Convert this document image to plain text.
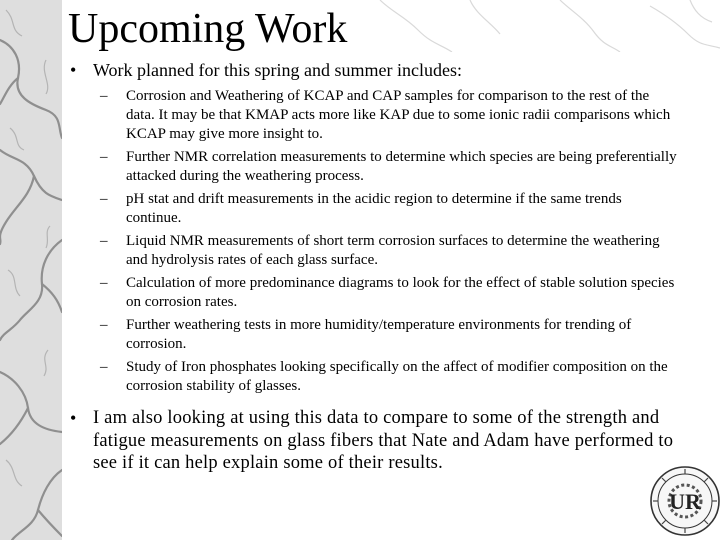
Upcoming Work
• Work planned for this spring and summer includes:
– Corrosion and Weathering of KCAP and CAP samples for comparison to the rest of the data. It may be that KMAP acts more like KAP due to some ionic radii comparisons which KCAP may give more insight to.
– Further NMR correlation measurements to determine which species are being preferentially attacked during the weathering process.
– pH stat and drift measurements in the acidic region to determine if the same trends continue.
– Liquid NMR measurements of short term corrosion surfaces to determine the weathering and hydrolysis rates of each glass surface.
– Calculation of more predominance diagrams to look for the effect of stable solution species on corrosion rates.
– Further weathering tests in more humidity/temperature environments for trending of corrosion.
– Study of Iron phosphates looking specifically on the affect of modifier composition on the corrosion stability of glasses.
• I am also looking at using this data to compare to some of the strength and fatigue measurements on glass fibers that Nate and Adam have performed to see if it can help explain some of their results.
UR
